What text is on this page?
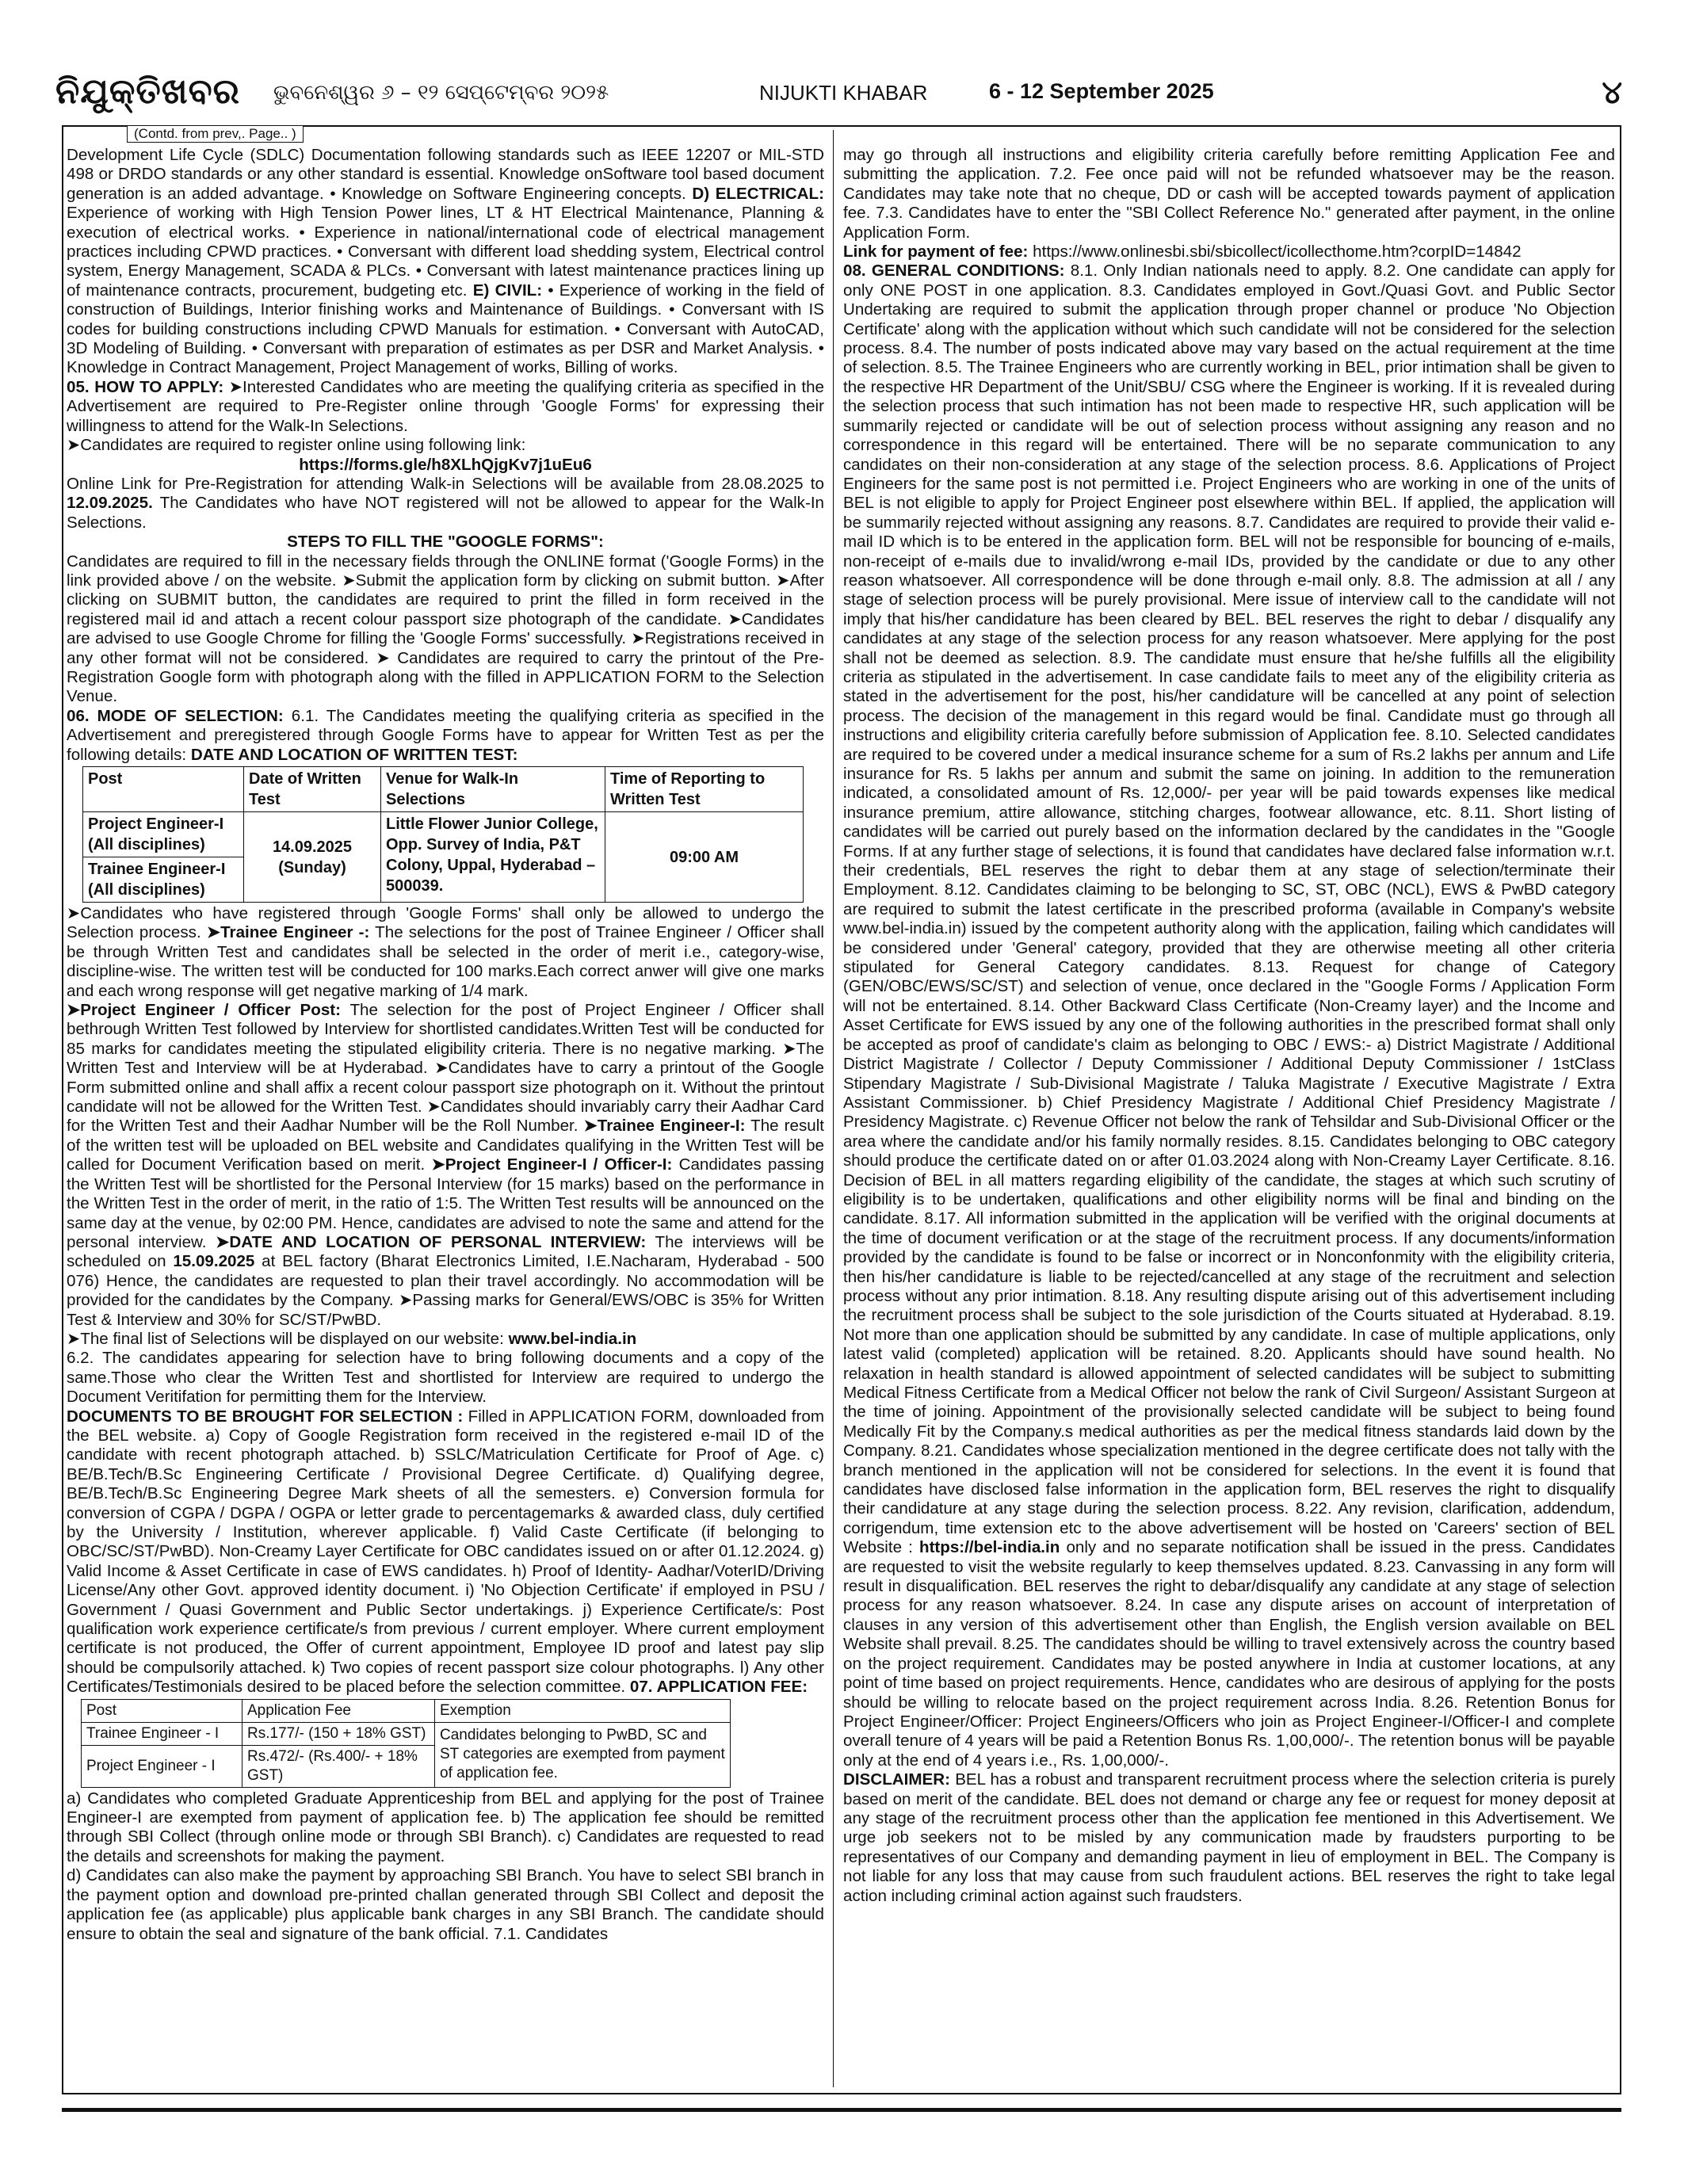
ନିଯୁକ୍ତିଖବର ଭୁବନେଶ୍ୱର ୬ – ୧୨ ସେପ୍ଟେମ୍ବର ୨୦୨୫	NIJUKTI KHABAR	6 - 12 September 2025	୪
(Contd. from prev,. Page.. )

Development Life Cycle (SDLC) Documentation following standards such as IEEE 12207 or MIL-STD 498 or DRDO standards or any other standard is essential. Knowledge onSoftware tool based document generation is an added advantage. • Knowledge on Software Engineering concepts. D) ELECTRICAL: Experience of working with High Tension Power lines, LT & HT Electrical Maintenance, Planning & execution of electrical works. • Experience in national/international code of electrical management practices including CPWD practices. • Conversant with different load shedding system, Electrical control system, Energy Management, SCADA & PLCs. • Conversant with latest maintenance practices lining up of maintenance contracts, procurement, budgeting etc. E) CIVIL: • Experience of working in the field of construction of Buildings, Interior finishing works and Maintenance of Buildings. • Conversant with IS codes for building constructions including CPWD Manuals for estimation. • Conversant with AutoCAD, 3D Modeling of Building. • Conversant with preparation of estimates as per DSR and Market Analysis. • Knowledge in Contract Management, Project Management of works, Billing of works.

05. HOW TO APPLY: ➤Interested Candidates who are meeting the qualifying criteria as specified in the Advertisement are required to Pre-Register online through 'Google Forms' for expressing their willingness to attend for the Walk-In Selections.

➤Candidates are required to register online using following link:

https://forms.gle/h8XLhQjgKv7j1uEu6

Online Link for Pre-Registration for attending Walk-in Selections will be available from 28.08.2025 to 12.09.2025. The Candidates who have NOT registered will not be allowed to appear for the Walk-In Selections.

STEPS TO FILL THE "GOOGLE FORMS":

Candidates are required to fill in the necessary fields through the ONLINE format ('Google Forms) in the link provided above / on the website. ➤Submit the application form by clicking on submit button. ➤After clicking on SUBMIT button, the candidates are required to print the filled in form received in the registered mail id and attach a recent colour passport size photograph of the candidate. ➤Candidates are advised to use Google Chrome for filling the 'Google Forms' successfully. ➤Registrations received in any other format will not be considered. ➤ Candidates are required to carry the printout of the Pre-Registration Google form with photograph along with the filled in APPLICATION FORM to the Selection Venue.

06. MODE OF SELECTION: 6.1. The Candidates meeting the qualifying criteria as specified in the Advertisement and preregistered through Google Forms have to appear for Written Test as per the following details: DATE AND LOCATION OF WRITTEN TEST:

Post	Date of Written Test	Venue for Walk-In Selections	Time of Reporting to Written Test
Project Engineer-I (All disciplines)	14.09.2025 (Sunday)	Little Flower Junior College, Opp. Survey of India, P&T Colony, Uppal, Hyderabad – 500039.	09:00 AM
Trainee Engineer-I (All disciplines)			

➤Candidates who have registered through 'Google Forms' shall only be allowed to undergo the Selection process. ➤Trainee Engineer -: The selections for the post of Trainee Engineer / Officer shall be through Written Test and candidates shall be selected in the order of merit i.e., category-wise, discipline-wise. The written test will be conducted for 100 marks.Each correct anwer will give one marks and each wrong response will get negative marking of 1/4 mark.

➤Project Engineer / Officer Post: The selection for the post of Project Engineer / Officer shall bethrough Written Test followed by Interview for shortlisted candidates.Written Test will be conducted for 85 marks for candidates meeting the stipulated eligibility criteria. There is no negative marking. ➤The Written Test and Interview will be at Hyderabad. ➤Candidates have to carry a printout of the Google Form submitted online and shall affix a recent colour passport size photograph on it. Without the printout candidate will not be allowed for the Written Test. ➤Candidates should invariably carry their Aadhar Card for the Written Test and their Aadhar Number will be the Roll Number. ➤Trainee Engineer-I: The result of the written test will be uploaded on BEL website and Candidates qualifying in the Written Test will be called for Document Verification based on merit. ➤Project Engineer-I / Officer-I: Candidates passing the Written Test will be shortlisted for the Personal Interview (for 15 marks) based on the performance in the Written Test in the order of merit, in the ratio of 1:5. The Written Test results will be announced on the same day at the venue, by 02:00 PM. Hence, candidates are advised to note the same and attend for the personal interview. ➤DATE AND LOCATION OF PERSONAL INTERVIEW: The interviews will be scheduled on 15.09.2025 at BEL factory (Bharat Electronics Limited, I.E.Nacharam, Hyderabad - 500 076) Hence, the candidates are requested to plan their travel accordingly. No accommodation will be provided for the candidates by the Company. ➤Passing marks for General/EWS/OBC is 35% for Written Test & Interview and 30% for SC/ST/PwBD.

➤The final list of Selections will be displayed on our website: www.bel-india.in

6.2. The candidates appearing for selection have to bring following documents and a copy of the same.Those who clear the Written Test and shortlisted for Interview are required to undergo the Document Veritifation for permitting them for the Interview.

DOCUMENTS TO BE BROUGHT FOR SELECTION : Filled in APPLICATION FORM, downloaded from the BEL website. a) Copy of Google Registration form received in the registered e-mail ID of the candidate with recent photograph attached. b) SSLC/Matriculation Certificate for Proof of Age. c) BE/B.Tech/B.Sc Engineering Certificate / Provisional Degree Certificate. d) Qualifying degree, BE/B.Tech/B.Sc Engineering Degree Mark sheets of all the semesters. e) Conversion formula for conversion of CGPA / DGPA / OGPA or letter grade to percentagemarks & awarded class, duly certified by the University / Institution, wherever applicable. f) Valid Caste Certificate (if belonging to OBC/SC/ST/PwBD). Non-Creamy Layer Certificate for OBC candidates issued on or after 01.12.2024. g) Valid Income & Asset Certificate in case of EWS candidates. h) Proof of Identity- Aadhar/VoterID/Driving License/Any other Govt. approved identity document. i) 'No Objection Certificate' if employed in PSU / Government / Quasi Government and Public Sector undertakings. j) Experience Certificate/s: Post qualification work experience certificate/s from previous / current employer. Where current employment certificate is not produced, the Offer of current appointment, Employee ID proof and latest pay slip should be compulsorily attached. k) Two copies of recent passport size colour photographs. l) Any other Certificates/Testimonials desired to be placed before the selection committee. 07. APPLICATION FEE:

Post	Application Fee	Exemption
Trainee Engineer - I	Rs.177/- (150 + 18% GST)	Candidates belonging to PwBD, SC and ST categories are exempted from payment of application fee.
Project Engineer - I	Rs.472/- (Rs.400/- + 18% GST)	

a) Candidates who completed Graduate Apprenticeship from BEL and applying for the post of Trainee Engineer-I are exempted from payment of application fee. b) The application fee should be remitted through SBI Collect (through online mode or through SBI Branch). c) Candidates are requested to read the details and screenshots for making the payment.

d) Candidates can also make the payment by approaching SBI Branch. You have to select SBI branch in the payment option and download pre-printed challan generated through SBI Collect and deposit the application fee (as applicable) plus applicable bank charges in any SBI Branch. The candidate should ensure to obtain the seal and signature of the bank official. 7.1. Candidates

may go through all instructions and eligibility criteria carefully before remitting Application Fee and submitting the application. 7.2. Fee once paid will not be refunded whatsoever may be the reason. Candidates may take note that no cheque, DD or cash will be accepted towards payment of application fee. 7.3. Candidates have to enter the "SBI Collect Reference No." generated after payment, in the online Application Form.

Link for payment of fee: https://www.onlinesbi.sbi/sbicollect/icollecthome.htm?corpID=14842

08. GENERAL CONDITIONS: 8.1. Only Indian nationals need to apply. 8.2. One candidate can apply for only ONE POST in one application. 8.3. Candidates employed in Govt./Quasi Govt. and Public Sector Undertaking are required to submit the application through proper channel or produce 'No Objection Certificate' along with the application without which such candidate will not be considered for the selection process. 8.4. The number of posts indicated above may vary based on the actual requirement at the time of selection. 8.5. The Trainee Engineers who are currently working in BEL, prior intimation shall be given to the respective HR Department of the Unit/SBU/ CSG where the Engineer is working. If it is revealed during the selection process that such intimation has not been made to respective HR, such application will be summarily rejected or candidate will be out of selection process without assigning any reason and no correspondence in this regard will be entertained. There will be no separate communication to any candidates on their non-consideration at any stage of the selection process. 8.6. Applications of Project Engineers for the same post is not permitted i.e. Project Engineers who are working in one of the units of BEL is not eligible to apply for Project Engineer post elsewhere within BEL. If applied, the application will be summarily rejected without assigning any reasons. 8.7. Candidates are required to provide their valid e-mail ID which is to be entered in the application form. BEL will not be responsible for bouncing of e-mails, non-receipt of e-mails due to invalid/wrong e-mail IDs, provided by the candidate or due to any other reason whatsoever. All correspondence will be done through e-mail only. 8.8. The admission at all / any stage of selection process will be purely provisional. Mere issue of interview call to the candidate will not imply that his/her candidature has been cleared by BEL. BEL reserves the right to debar / disqualify any candidates at any stage of the selection process for any reason whatsoever. Mere applying for the post shall not be deemed as selection. 8.9. The candidate must ensure that he/she fulfills all the eligibility criteria as stipulated in the advertisement. In case candidate fails to meet any of the eligibility criteria as stated in the advertisement for the post, his/her candidature will be cancelled at any point of selection process. The decision of the management in this regard would be final. Candidate must go through all instructions and eligibility criteria carefully before submission of Application fee. 8.10. Selected candidates are required to be covered under a medical insurance scheme for a sum of Rs.2 lakhs per annum and Life insurance for Rs. 5 lakhs per annum and submit the same on joining. In addition to the remuneration indicated, a consolidated amount of Rs. 12,000/- per year will be paid towards expenses like medical insurance premium, attire allowance, stitching charges, footwear allowance, etc. 8.11. Short listing of candidates will be carried out purely based on the information declared by the candidates in the "Google Forms. If at any further stage of selections, it is found that candidates have declared false information w.r.t. their credentials, BEL reserves the right to debar them at any stage of selection/terminate their Employment. 8.12. Candidates claiming to be belonging to SC, ST, OBC (NCL), EWS & PwBD category are required to submit the latest certificate in the prescribed proforma (available in Company's website www.bel-india.in) issued by the competent authority along with the application, failing which candidates will be considered under 'General' category, provided that they are otherwise meeting all other criteria stipulated for General Category candidates. 8.13. Request for change of Category (GEN/OBC/EWS/SC/ST) and selection of venue, once declared in the "Google Forms / Application Form will not be entertained. 8.14. Other Backward Class Certificate (Non-Creamy layer) and the Income and Asset Certificate for EWS issued by any one of the following authorities in the prescribed format shall only be accepted as proof of candidate's claim as belonging to OBC / EWS:- a) District Magistrate / Additional District Magistrate / Collector / Deputy Commissioner / Additional Deputy Commissioner / 1stClass Stipendary Magistrate / Sub-Divisional Magistrate / Taluka Magistrate / Executive Magistrate / Extra Assistant Commissioner. b) Chief Presidency Magistrate / Additional Chief Presidency Magistrate / Presidency Magistrate. c) Revenue Officer not below the rank of Tehsildar and Sub-Divisional Officer or the area where the candidate and/or his family normally resides. 8.15. Candidates belonging to OBC category should produce the certificate dated on or after 01.03.2024 along with Non-Creamy Layer Certificate. 8.16. Decision of BEL in all matters regarding eligibility of the candidate, the stages at which such scrutiny of eligibility is to be undertaken, qualifications and other eligibility norms will be final and binding on the candidate. 8.17. All information submitted in the application will be verified with the original documents at the time of document verification or at the stage of the recruitment process. If any documents/information provided by the candidate is found to be false or incorrect or in Nonconfonmity with the eligibility criteria, then his/her candidature is liable to be rejected/cancelled at any stage of the recruitment and selection process without any prior intimation. 8.18. Any resulting dispute arising out of this advertisement including the recruitment process shall be subject to the sole jurisdiction of the Courts situated at Hyderabad. 8.19. Not more than one application should be submitted by any candidate. In case of multiple applications, only latest valid (completed) application will be retained. 8.20. Applicants should have sound health. No relaxation in health standard is allowed appointment of selected candidates will be subject to submitting Medical Fitness Certificate from a Medical Officer not below the rank of Civil Surgeon/ Assistant Surgeon at the time of joining. Appointment of the provisionally selected candidate will be subject to being found Medically Fit by the Company.s medical authorities as per the medical fitness standards laid down by the Company. 8.21. Candidates whose specialization mentioned in the degree certificate does not tally with the branch mentioned in the application will not be considered for selections. In the event it is found that candidates have disclosed false information in the application form, BEL reserves the right to disqualify their candidature at any stage during the selection process. 8.22. Any revision, clarification, addendum, corrigendum, time extension etc to the above advertisement will be hosted on 'Careers' section of BEL Website : https://bel-india.in only and no separate notification shall be issued in the press. Candidates are requested to visit the website regularly to keep themselves updated. 8.23. Canvassing in any form will result in disqualification. BEL reserves the right to debar/disqualify any candidate at any stage of selection process for any reason whatsoever. 8.24. In case any dispute arises on account of interpretation of clauses in any version of this advertisement other than English, the English version available on BEL Website shall prevail. 8.25. The candidates should be willing to travel extensively across the country based on the project requirement. Candidates may be posted anywhere in India at customer locations, at any point of time based on project requirements. Hence, candidates who are desirous of applying for the posts should be willing to relocate based on the project requirement across India. 8.26. Retention Bonus for Project Engineer/Officer: Project Engineers/Officers who join as Project Engineer-I/Officer-I and complete overall tenure of 4 years will be paid a Retention Bonus Rs. 1,00,000/-. The retention bonus will be payable only at the end of 4 years i.e., Rs. 1,00,000/-.

DISCLAIMER: BEL has a robust and transparent recruitment process where the selection criteria is purely based on merit of the candidate. BEL does not demand or charge any fee or request for money deposit at any stage of the recruitment process other than the application fee mentioned in this Advertisement. We urge job seekers not to be misled by any communication made by fraudsters purporting to be representatives of our Company and demanding payment in lieu of employment in BEL. The Company is not liable for any loss that may cause from such fraudulent actions. BEL reserves the right to take legal action including criminal action against such fraudsters.
